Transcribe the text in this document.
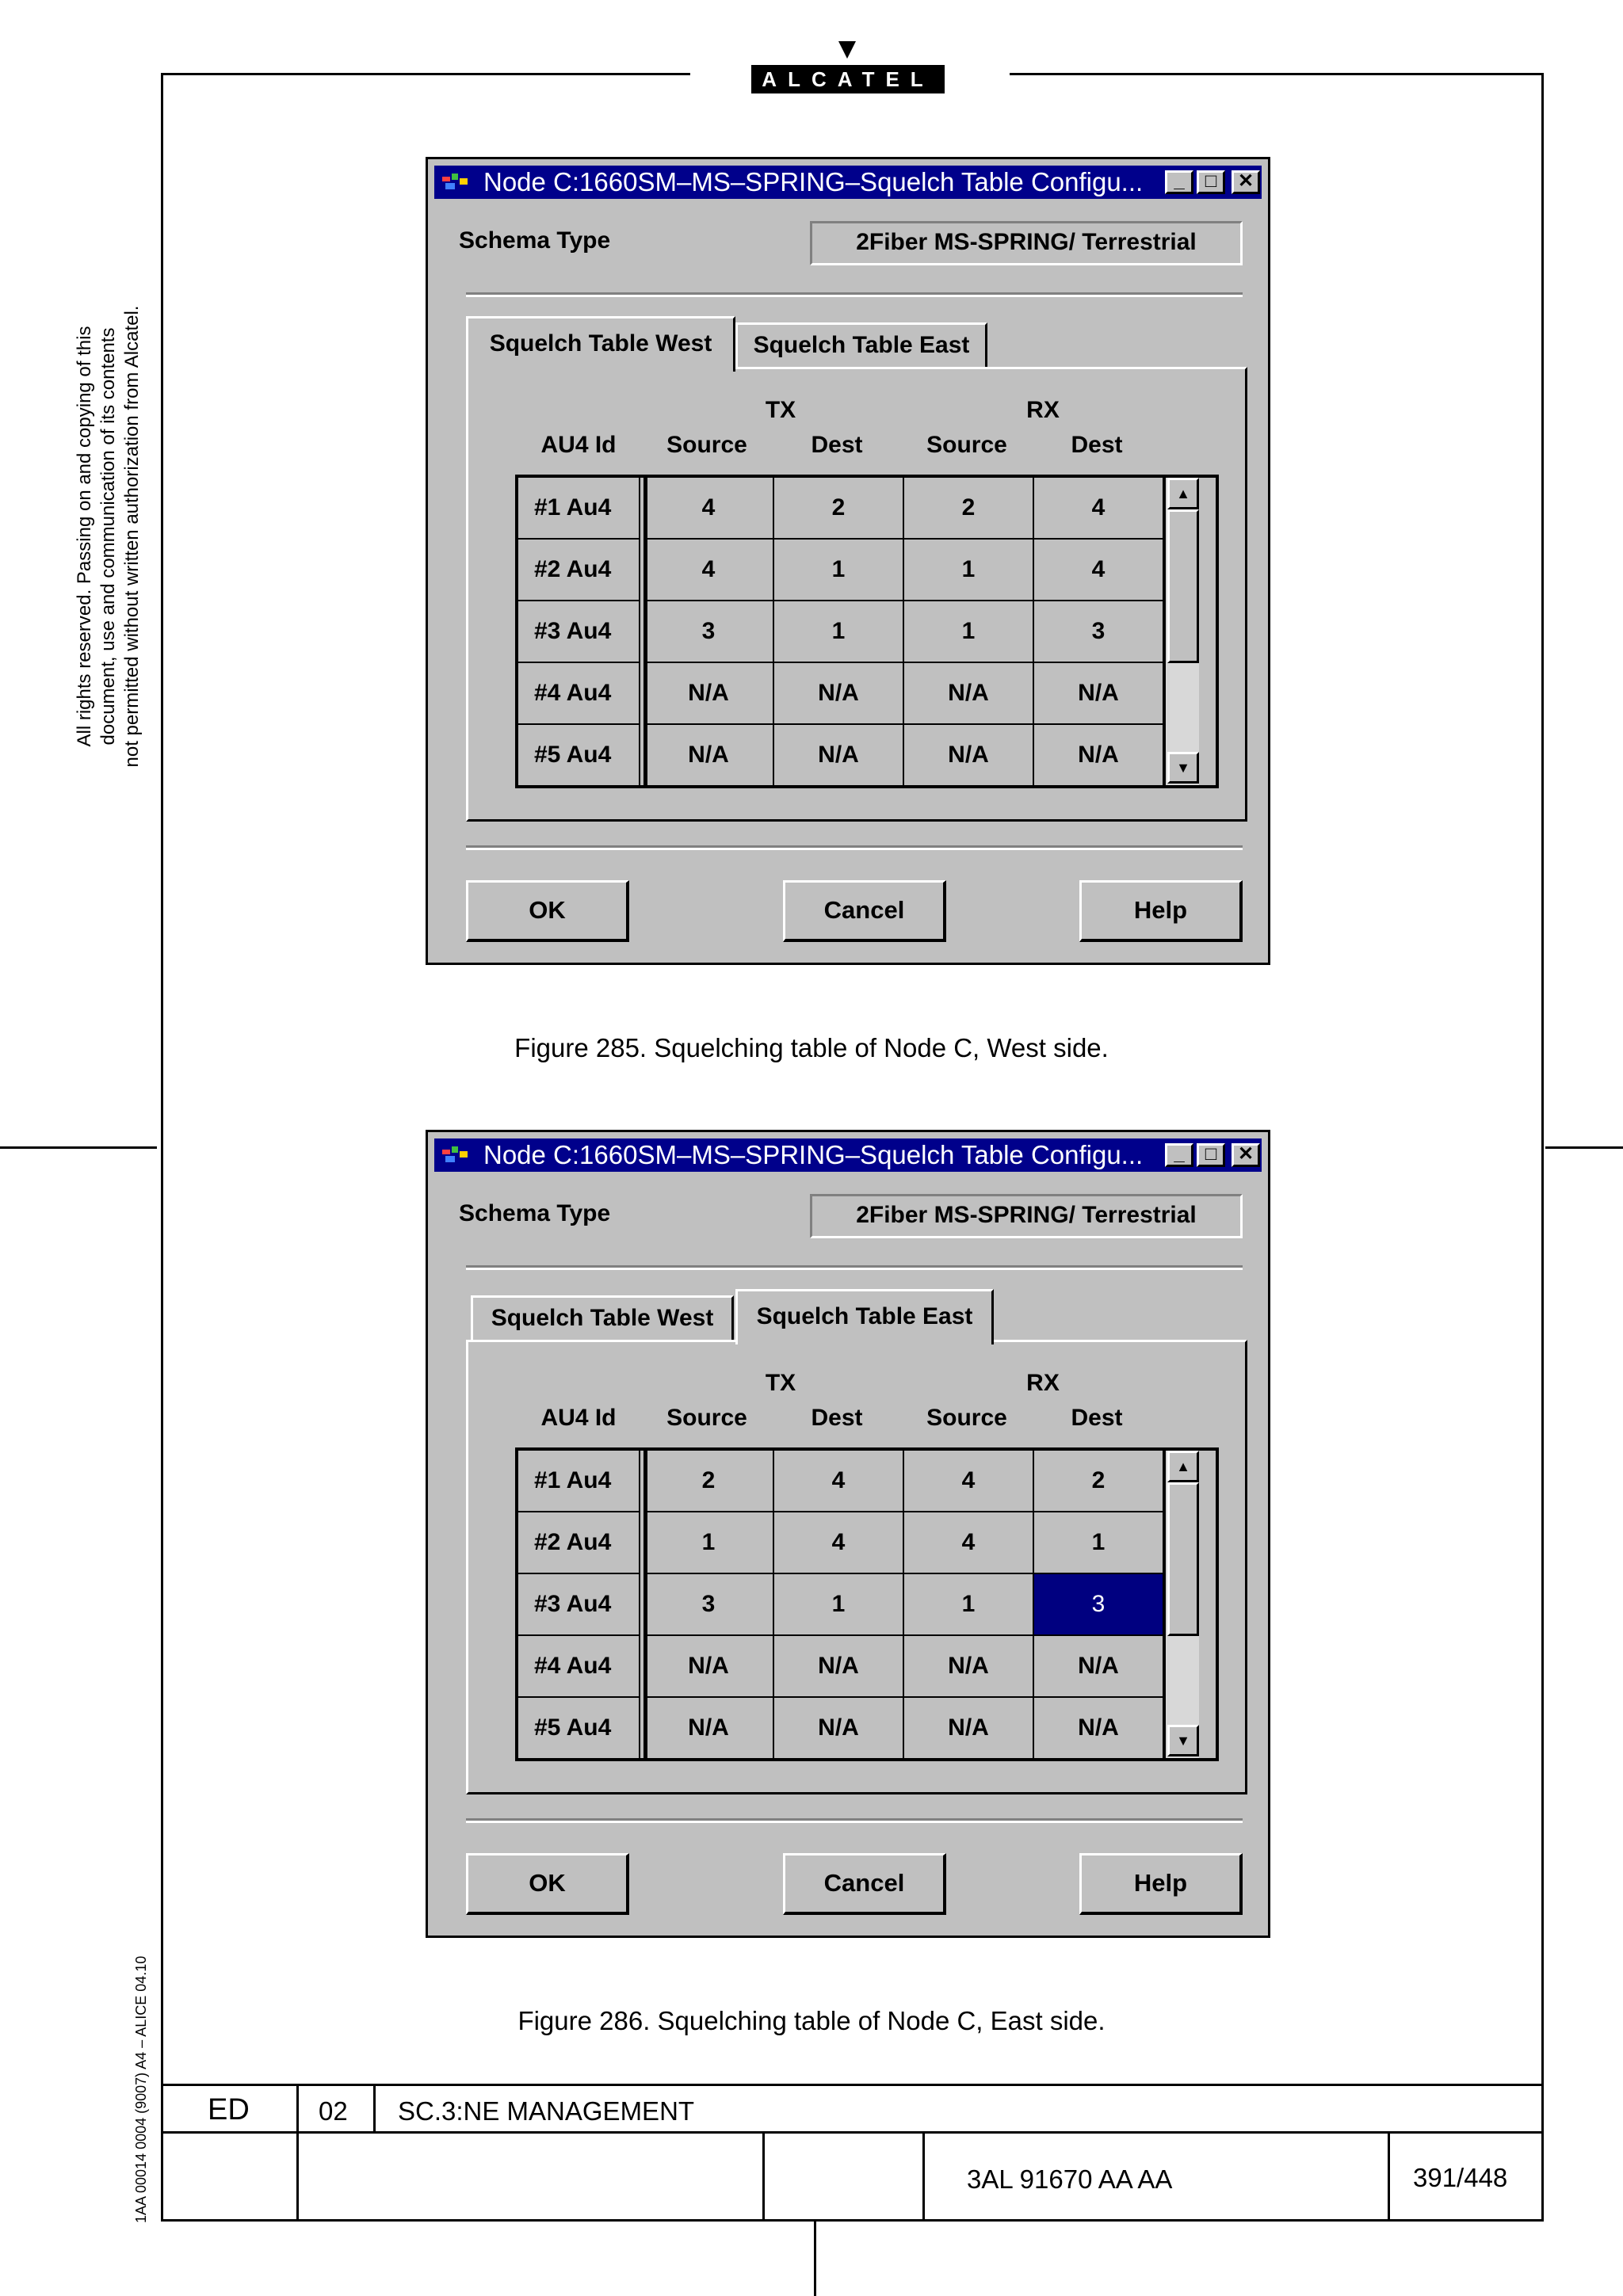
ALCATEL
All rights reserved. Passing on and copying of this document, use and communication of its contents not permitted without written authorization from Alcatel.
1AA 00014 0004 (9007) A4 – ALICE 04.10
Node C:1660SM–MS–SPRING–Squelch Table Configu...	_	□	✕
Schema Type	2Fiber MS-SPRING/ Terrestrial
Squelch Table West	Squelch Table East
TX	RX
AU4 Id	Source	Dest	Source	Dest
#1 Au4	4	2	2	4
#2 Au4	4	1	1	4
#3 Au4	3	1	1	3
#4 Au4	N/A	N/A	N/A	N/A
#5 Au4	N/A	N/A	N/A	N/A
▲
▼
OK	Cancel	Help
Figure 285. Squelching table of Node C, West side.
Node C:1660SM–MS–SPRING–Squelch Table Configu...	_	□	✕
Schema Type	2Fiber MS-SPRING/ Terrestrial
Squelch Table West	Squelch Table East
TX	RX
AU4 Id	Source	Dest	Source	Dest
#1 Au4	2	4	4	2
#2 Au4	1	4	4	1
#3 Au4	3	1	1	3
#4 Au4	N/A	N/A	N/A	N/A
#5 Au4	N/A	N/A	N/A	N/A
▲
▼
OK	Cancel	Help
Figure 286. Squelching table of Node C, East side.
ED	02 SC.3:NE MANAGEMENT
3AL 91670 AA AA	391/448
